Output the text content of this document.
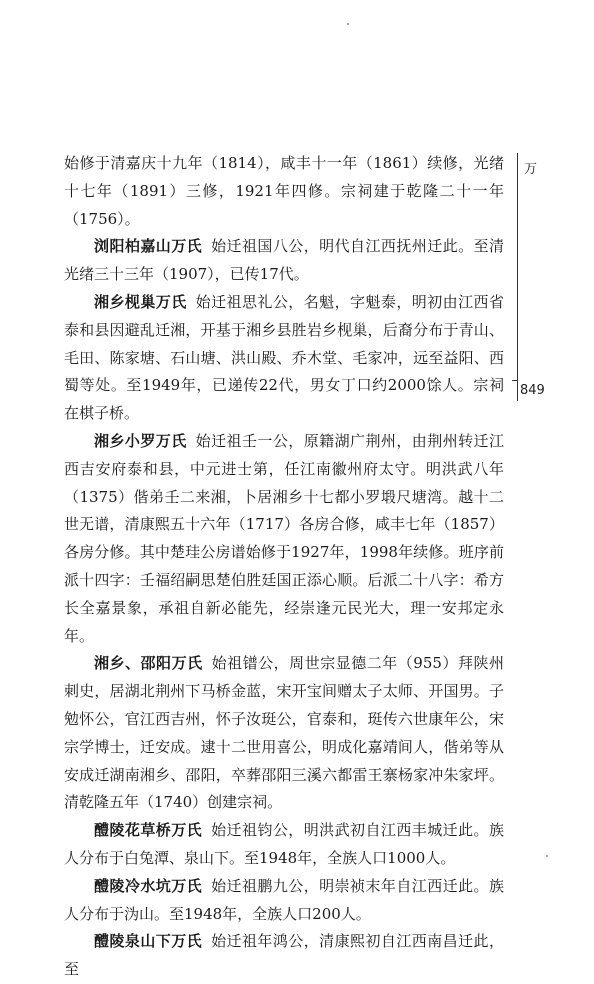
万
849

始修于清嘉庆十九年（1814），咸丰十一年（1861）续修，光绪十七年（1891）三修，1921年四修。宗祠建于乾隆二十一年（1756）。

浏阳柏嘉山万氏 始迁祖国八公，明代自江西抚州迁此。至清光绪三十三年（1907），已传17代。

湘乡枧巢万氏 始迁祖思礼公，名魁，字魁泰，明初由江西省泰和县因避乱迁湘，开基于湘乡县胜岩乡枧巢，后裔分布于青山、毛田、陈家塘、石山塘、洪山殿、乔木堂、毛家冲，远至益阳、西蜀等处。至1949年，已递传22代，男女丁口约2000馀人。宗祠在棋子桥。

湘乡小罗万氏 始迁祖壬一公，原籍湖广荆州，由荆州转迁江西吉安府泰和县，中元进士第，任江南徽州府太守。明洪武八年（1375）偕弟壬二来湘，卜居湘乡十七都小罗塅尺塘湾。越十二世无谱，清康熙五十六年（1717）各房合修，咸丰七年（1857）各房分修。其中楚珪公房谱始修于1927年，1998年续修。班序前派十四字：壬福绍嗣思楚伯胜廷国正添心顺。后派二十八字：希方长全嘉景象，承祖自新必能先，经崇逢元民光大，理一安邦定永年。

湘乡、邵阳万氏 始祖镨公，周世宗显德二年（955）拜陕州刺史，居湖北荆州下马桥金蓝，宋开宝间赠太子太师、开国男。子勉怀公，官江西吉州，怀子汝珽公，官泰和，珽传六世康年公，宋宗学博士，迁安成。逮十二世用喜公，明成化嘉靖间人，偕弟等从安成迁湖南湘乡、邵阳，卒葬邵阳三溪六都雷王寨杨家冲朱家坪。清乾隆五年（1740）创建宗祠。

醴陵花草桥万氏 始迁祖钧公，明洪武初自江西丰城迁此。族人分布于白兔潭、泉山下。至1948年，全族人口1000人。

醴陵冷水坑万氏 始迁祖鹏九公，明崇祯末年自江西迁此。族人分布于沩山。至1948年，全族人口200人。

醴陵泉山下万氏 始迁祖年鸿公，清康熙初自江西南昌迁此，至
